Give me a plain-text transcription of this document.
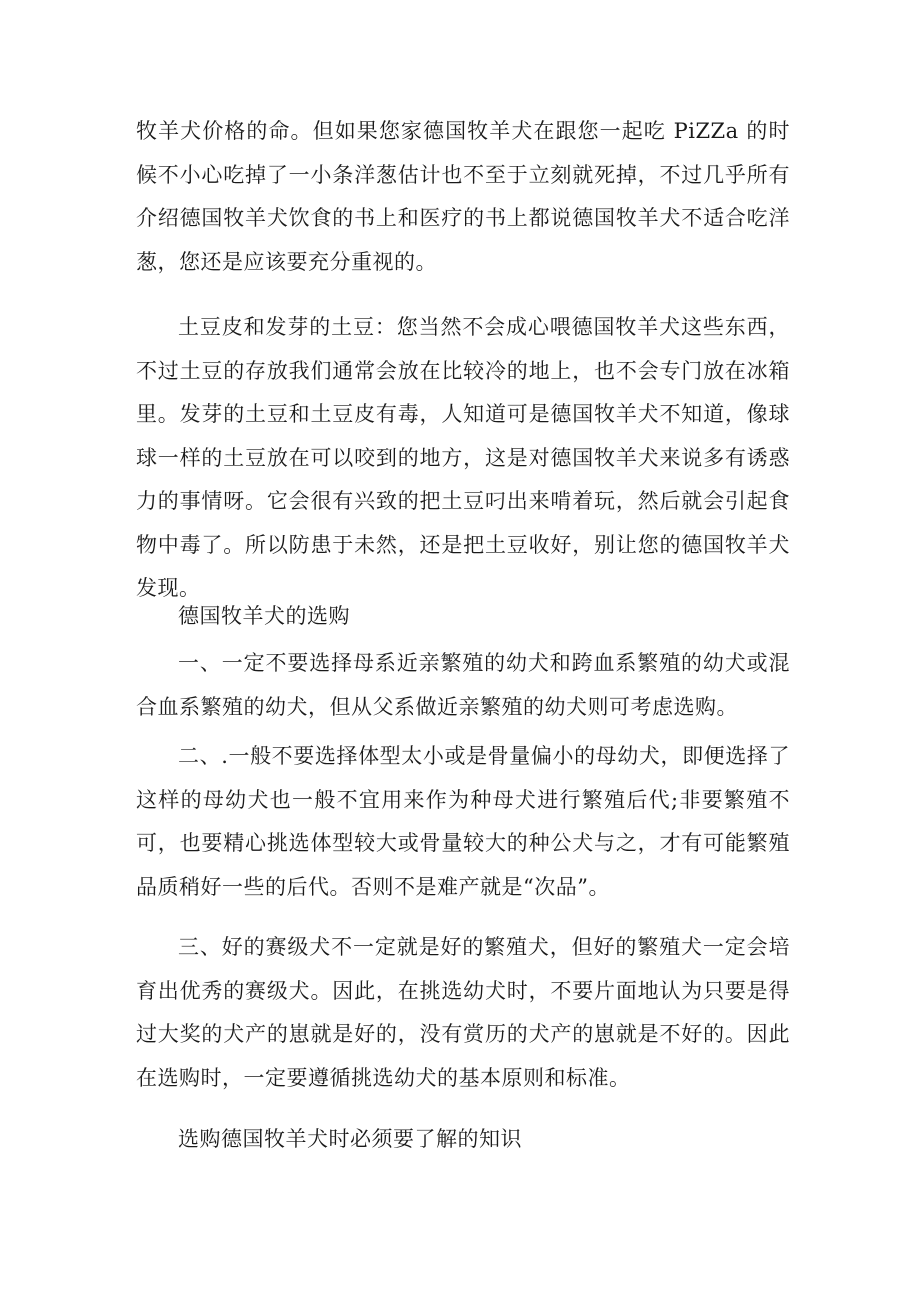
牧羊犬价格的命。但如果您家德国牧羊犬在跟您一起吃 PiZZa 的时候不小心吃掉了一小条洋葱估计也不至于立刻就死掉，不过几乎所有介绍德国牧羊犬饮食的书上和医疗的书上都说德国牧羊犬不适合吃洋葱，您还是应该要充分重视的。

土豆皮和发芽的土豆：您当然不会成心喂德国牧羊犬这些东西，不过土豆的存放我们通常会放在比较冷的地上，也不会专门放在冰箱里。发芽的土豆和土豆皮有毒，人知道可是德国牧羊犬不知道，像球球一样的土豆放在可以咬到的地方，这是对德国牧羊犬来说多有诱惑力的事情呀。它会很有兴致的把土豆叼出来啃着玩，然后就会引起食物中毒了。所以防患于未然，还是把土豆收好，别让您的德国牧羊犬发现。

德国牧羊犬的选购

一、一定不要选择母系近亲繁殖的幼犬和跨血系繁殖的幼犬或混合血系繁殖的幼犬，但从父系做近亲繁殖的幼犬则可考虑选购。

二、.一般不要选择体型太小或是骨量偏小的母幼犬，即便选择了这样的母幼犬也一般不宜用来作为种母犬进行繁殖后代;非要繁殖不可，也要精心挑选体型较大或骨量较大的种公犬与之，才有可能繁殖品质稍好一些的后代。否则不是难产就是“次品”。

三、好的赛级犬不一定就是好的繁殖犬，但好的繁殖犬一定会培育出优秀的赛级犬。因此，在挑选幼犬时，不要片面地认为只要是得过大奖的犬产的崽就是好的，没有赏历的犬产的崽就是不好的。因此在选购时，一定要遵循挑选幼犬的基本原则和标准。

选购德国牧羊犬时必须要了解的知识
